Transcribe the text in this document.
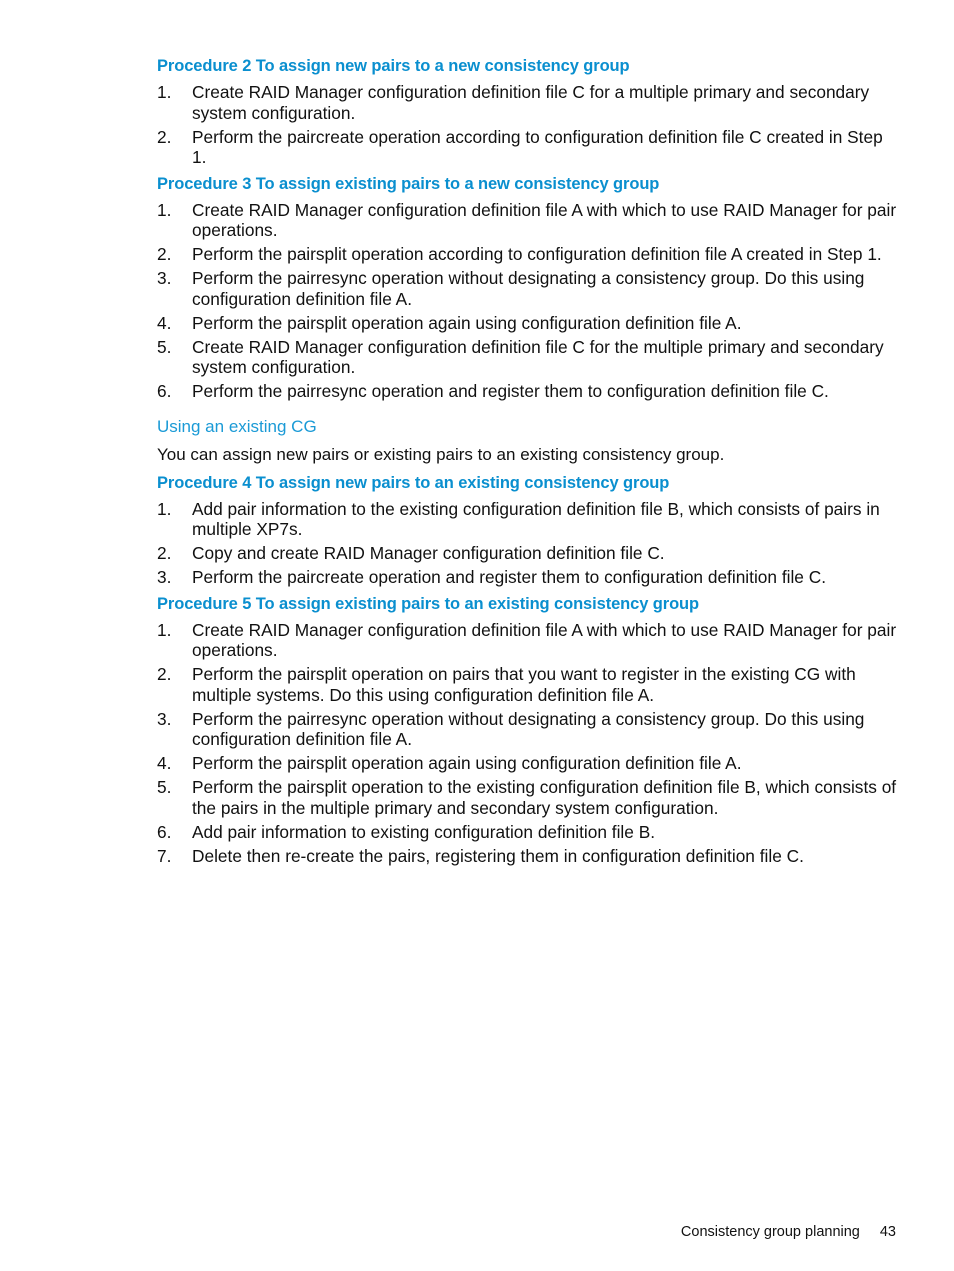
Procedure 2 To assign new pairs to a new consistency group
1. Create RAID Manager configuration definition file C for a multiple primary and secondary system configuration.
2. Perform the paircreate operation according to configuration definition file C created in Step 1.
Procedure 3 To assign existing pairs to a new consistency group
1. Create RAID Manager configuration definition file A with which to use RAID Manager for pair operations.
2. Perform the pairsplit operation according to configuration definition file A created in Step 1.
3. Perform the pairresync operation without designating a consistency group. Do this using configuration definition file A.
4. Perform the pairsplit operation again using configuration definition file A.
5. Create RAID Manager configuration definition file C for the multiple primary and secondary system configuration.
6. Perform the pairresync operation and register them to configuration definition file C.
Using an existing CG
You can assign new pairs or existing pairs to an existing consistency group.
Procedure 4 To assign new pairs to an existing consistency group
1. Add pair information to the existing configuration definition file B, which consists of pairs in multiple XP7s.
2. Copy and create RAID Manager configuration definition file C.
3. Perform the paircreate operation and register them to configuration definition file C.
Procedure 5 To assign existing pairs to an existing consistency group
1. Create RAID Manager configuration definition file A with which to use RAID Manager for pair operations.
2. Perform the pairsplit operation on pairs that you want to register in the existing CG with multiple systems. Do this using configuration definition file A.
3. Perform the pairresync operation without designating a consistency group. Do this using configuration definition file A.
4. Perform the pairsplit operation again using configuration definition file A.
5. Perform the pairsplit operation to the existing configuration definition file B, which consists of the pairs in the multiple primary and secondary system configuration.
6. Add pair information to existing configuration definition file B.
7. Delete then re-create the pairs, registering them in configuration definition file C.
Consistency group planning 43
